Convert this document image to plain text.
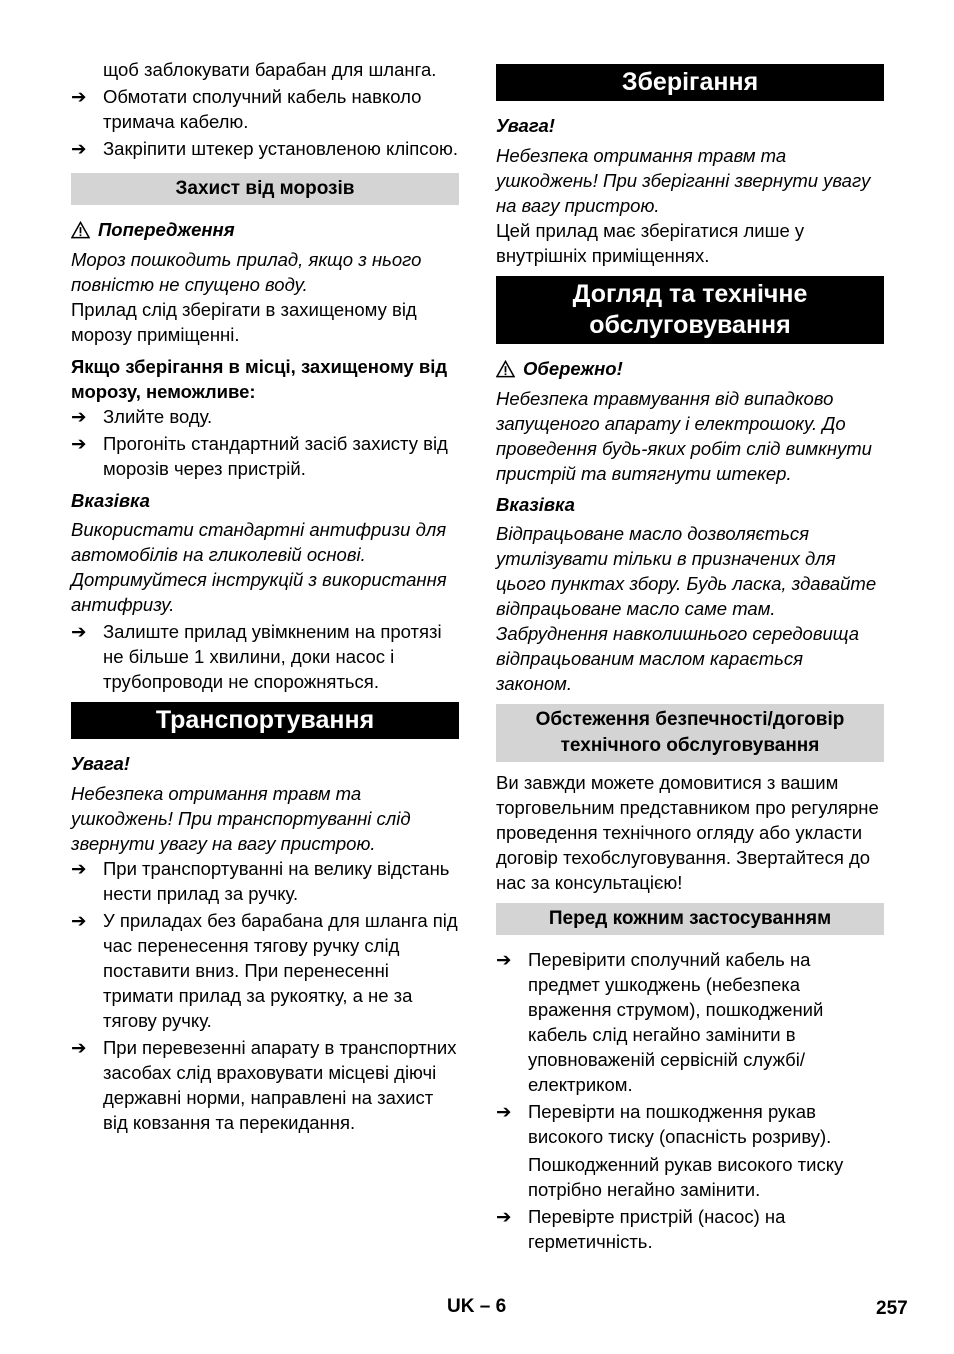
щоб заблокувати барабан для шланга.

➔ Обмотати сполучний кабель навколо тримача кабелю.
➔ Закріпити штекер установленою кліпсою.
Захист від морозів

Попередження

Мороз пошкодить прилад, якщо з нього повністю не спущено воду.

Прилад слід зберігати в захищеному від морозу приміщенні.

Якщо зберігання в місці, захищеному від морозу, неможливе:

➔ Злийте воду.
➔ Прогоніть стандартний засіб захисту від морозів через пристрій.

Вказівка

Використати стандартні антифризи для автомобілів на гликолевій основі. Дотримуйтеся інструкцій з використання антифризу.

➔ Залиште прилад увімкненим на протязі не більше 1 хвилини, доки насос і трубопроводи не спорожняться.
Транспортування

Увага!

Небезпека отримання травм та ушкоджень! При транспортуванні слід звернути увагу на вагу пристрою.

➔ При транспортуванні на велику відстань нести прилад за ручку.
➔ У приладах без барабана для шланга під час перенесення тягову ручку слід поставити вниз. При перенесенні тримати прилад за рукоятку, а не за тягову ручку.
➔ При перевезенні апарату в транспортних засобах слід враховувати місцеві діючі державні норми, направлені на захист від ковзання та перекидання.
Зберігання

Увага!

Небезпека отримання травм та ушкоджень! При зберіганні звернути увагу на вагу пристрою.

Цей прилад має зберігатися лише у внутрішніх приміщеннях.

Догляд та технічне обслуговування

Обережно!

Небезпека травмування від випадково запущеного апарату і електрошоку. До проведення будь-яких робіт слід вимкнути пристрій та витягнути штекер.

Вказівка

Відпрацьоване масло дозволяється утилізувати тільки в призначених для цього пунктах збору. Будь ласка, здавайте відпрацьоване масло саме там. Забруднення навколишнього середовища відпрацьованим маслом карається законом.

Обстеження безпечності/договір технічного обслуговування

Ви завжди можете домовитися з вашим торговельним представником про регулярне проведення технічного огляду або укласти договір техобслуговування. Звертайтеся до нас за консультацією!

Перед кожним застосуванням
➔ Перевірити сполучний кабель на предмет ушкоджень (небезпека враження струмом), пошкоджений кабель слід негайно замінити в уповноваженій сервісній службі/ електриком.
➔ Перевірти на пошкодження рукав високого тиску (опасність розриву).

Пошкодженний рукав високого тиску потрібно негайно замінити.

➔ Перевірте пристрій (насос) на герметичність.
UK – 6	257
